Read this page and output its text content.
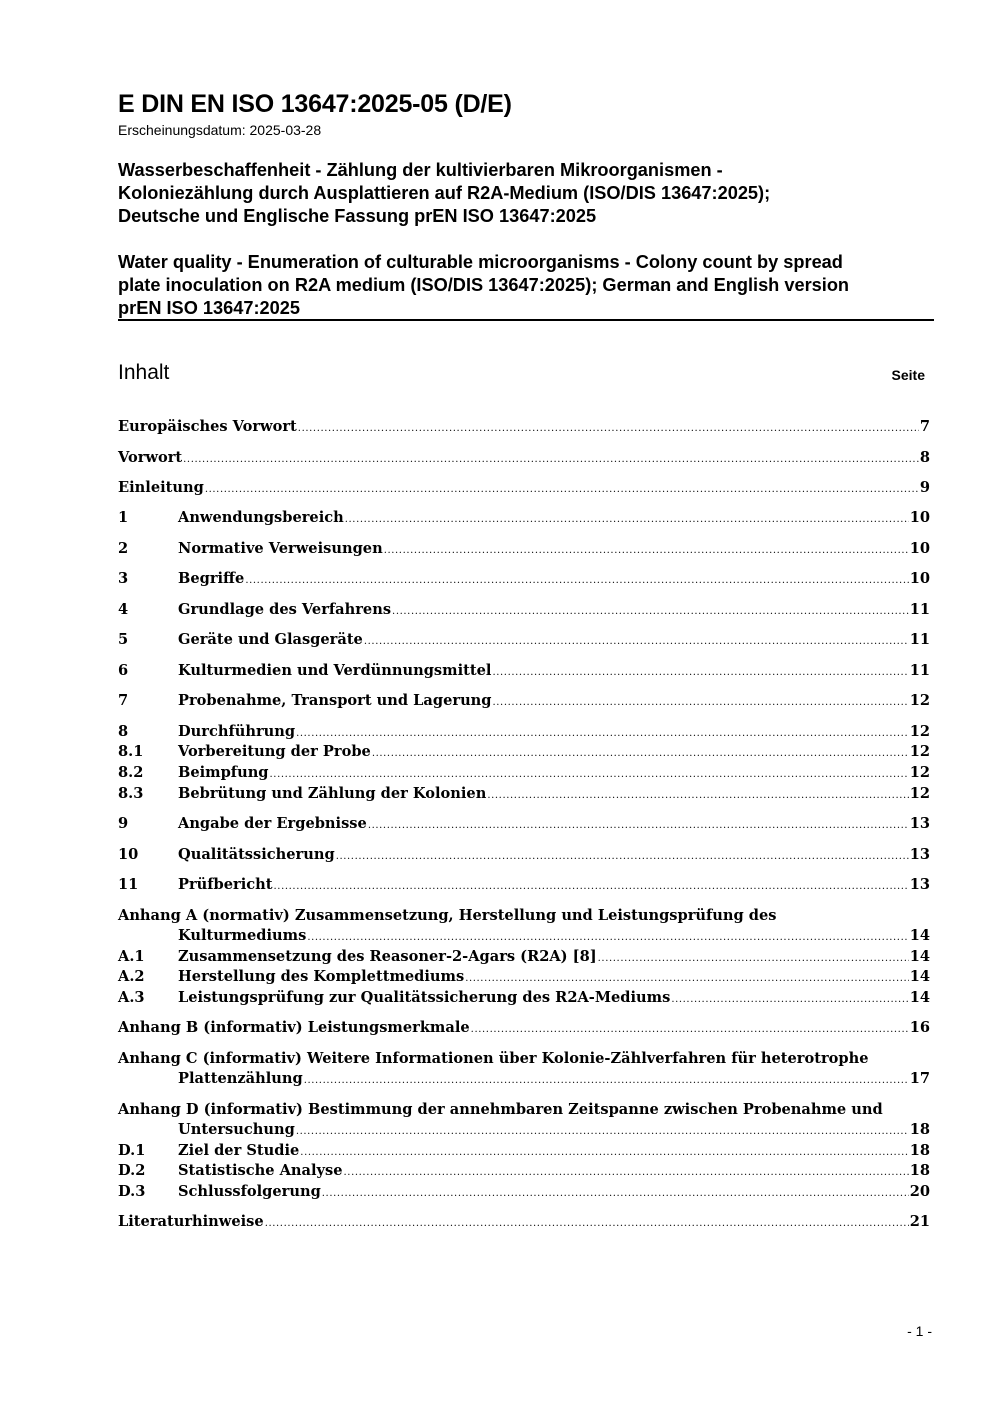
E DIN EN ISO 13647:2025-05 (D/E)
Erscheinungsdatum: 2025-03-28
Wasserbeschaffenheit - Zählung der kultivierbaren Mikroorganismen -
Koloniezählung durch Ausplattieren auf R2A-Medium (ISO/DIS 13647:2025);
Deutsche und Englische Fassung prEN ISO 13647:2025
Water quality - Enumeration of culturable microorganisms - Colony count by spread
plate inoculation on R2A medium (ISO/DIS 13647:2025); German and English version
prEN ISO 13647:2025
Inhalt	Seite
Europäisches Vorwort .....	7
Vorwort .....	8
Einleitung .....	9
1	Anwendungsbereich .....	10
2	Normative Verweisungen .....	10
3	Begriffe .....	10
4	Grundlage des Verfahrens .....	11
5	Geräte und Glasgeräte .....	11
6	Kulturmedien und Verdünnungsmittel .....	11
7	Probenahme, Transport und Lagerung .....	12
8	Durchführung .....	12
8.1	Vorbereitung der Probe .....	12
8.2	Beimpfung .....	12
8.3	Bebrütung und Zählung der Kolonien .....	12
9	Angabe der Ergebnisse .....	13
10	Qualitätssicherung .....	13
11	Prüfbericht .....	13
Anhang A (normativ) Zusammensetzung, Herstellung und Leistungsprüfung des
Kulturmediums .....	14
A.1	Zusammensetzung des Reasoner-2-Agars (R2A) [8] .....	14
A.2	Herstellung des Komplettmediums .....	14
A.3	Leistungsprüfung zur Qualitätssicherung des R2A-Mediums .....	14
Anhang B (informativ) Leistungsmerkmale .....	16
Anhang C (informativ) Weitere Informationen über Kolonie-Zählverfahren für heterotrophe
Plattenzählung .....	17
Anhang D (informativ) Bestimmung der annehmbaren Zeitspanne zwischen Probenahme und
Untersuchung .....	18
D.1	Ziel der Studie .....	18
D.2	Statistische Analyse .....	18
D.3	Schlussfolgerung .....	20
Literaturhinweise .....	21
- 1 -
